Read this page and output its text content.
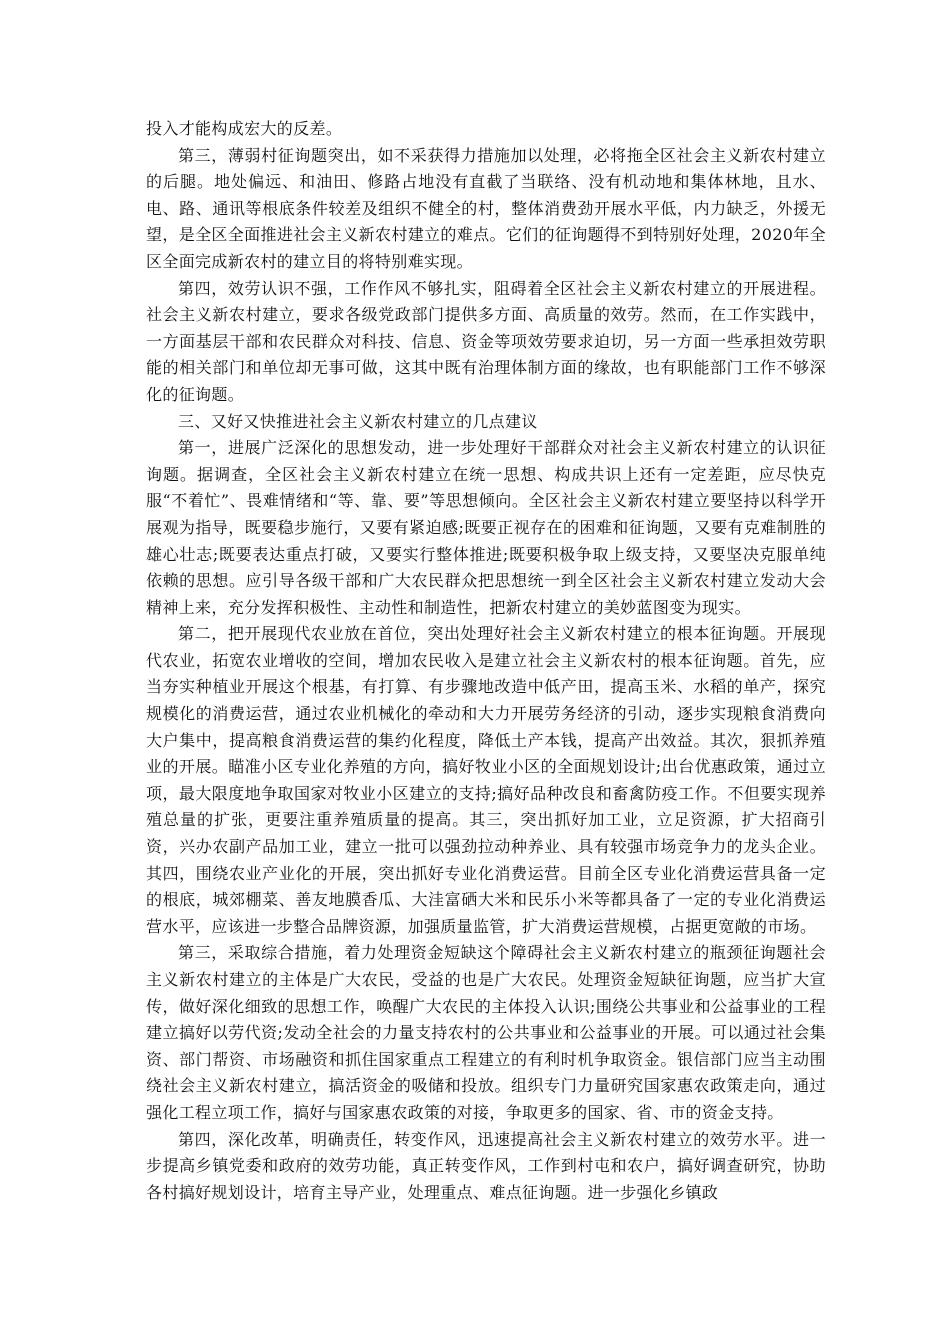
投入才能构成宏大的反差。

第三，薄弱村征询题突出，如不采获得力措施加以处理，必将拖全区社会主义新农村建立的后腿。地处偏远、和油田、修路占地没有直截了当联络、没有机动地和集体林地，且水、电、路、通讯等根底条件较差及组织不健全的村，整体消费劲开展水平低，内力缺乏，外援无望，是全区全面推进社会主义新农村建立的难点。它们的征询题得不到特别好处理，2020年全区全面完成新农村的建立目的将特别难实现。

第四，效劳认识不强，工作作风不够扎实，阻碍着全区社会主义新农村建立的开展进程。社会主义新农村建立，要求各级党政部门提供多方面、高质量的效劳。然而，在工作实践中，一方面基层干部和农民群众对科技、信息、资金等项效劳要求迫切，另一方面一些承担效劳职能的相关部门和单位却无事可做，这其中既有治理体制方面的缘故，也有职能部门工作不够深化的征询题。

三、又好又快推进社会主义新农村建立的几点建议

第一，进展广泛深化的思想发动，进一步处理好干部群众对社会主义新农村建立的认识征询题。据调查，全区社会主义新农村建立在统一思想、构成共识上还有一定差距，应尽快克服“不着忙”、畏难情绪和“等、靠、要”等思想倾向。全区社会主义新农村建立要坚持以科学开展观为指导，既要稳步施行，又要有紧迫感;既要正视存在的困难和征询题，又要有克难制胜的雄心壮志;既要表达重点打破，又要实行整体推进;既要积极争取上级支持，又要坚决克服单纯依赖的思想。应引导各级干部和广大农民群众把思想统一到全区社会主义新农村建立发动大会精神上来，充分发挥积极性、主动性和制造性，把新农村建立的美妙蓝图变为现实。

第二，把开展现代农业放在首位，突出处理好社会主义新农村建立的根本征询题。开展现代农业，拓宽农业增收的空间，增加农民收入是建立社会主义新农村的根本征询题。首先，应当夯实种植业开展这个根基，有打算、有步骤地改造中低产田，提高玉米、水稻的单产，探究规模化的消费运营，通过农业机械化的牵动和大力开展劳务经济的引动，逐步实现粮食消费向大户集中，提高粮食消费运营的集约化程度，降低土产本钱，提高产出效益。其次，狠抓养殖业的开展。瞄准小区专业化养殖的方向，搞好牧业小区的全面规划设计;出台优惠政策，通过立项，最大限度地争取国家对牧业小区建立的支持;搞好品种改良和畜禽防疫工作。不但要实现养殖总量的扩张，更要注重养殖质量的提高。其三，突出抓好加工业，立足资源，扩大招商引资，兴办农副产品加工业，建立一批可以强劲拉动种养业、具有较强市场竞争力的龙头企业。其四，围绕农业产业化的开展，突出抓好专业化消费运营。目前全区专业化消费运营具备一定的根底，城郊棚菜、善友地膜香瓜、大洼富硒大米和民乐小米等都具备了一定的专业化消费运营水平，应该进一步整合品牌资源，加强质量监管，扩大消费运营规模，占据更宽敞的市场。

第三，采取综合措施，着力处理资金短缺这个障碍社会主义新农村建立的瓶颈征询题社会主义新农村建立的主体是广大农民，受益的也是广大农民。处理资金短缺征询题，应当扩大宣传，做好深化细致的思想工作，唤醒广大农民的主体投入认识;围绕公共事业和公益事业的工程建立搞好以劳代资;发动全社会的力量支持农村的公共事业和公益事业的开展。可以通过社会集资、部门帮资、市场融资和抓住国家重点工程建立的有利时机争取资金。银信部门应当主动围绕社会主义新农村建立，搞活资金的吸储和投放。组织专门力量研究国家惠农政策走向，通过强化工程立项工作，搞好与国家惠农政策的对接，争取更多的国家、省、市的资金支持。

第四，深化改革，明确责任，转变作风，迅速提高社会主义新农村建立的效劳水平。进一步提高乡镇党委和政府的效劳功能，真正转变作风，工作到村屯和农户，搞好调查研究，协助各村搞好规划设计，培育主导产业，处理重点、难点征询题。进一步强化乡镇政
